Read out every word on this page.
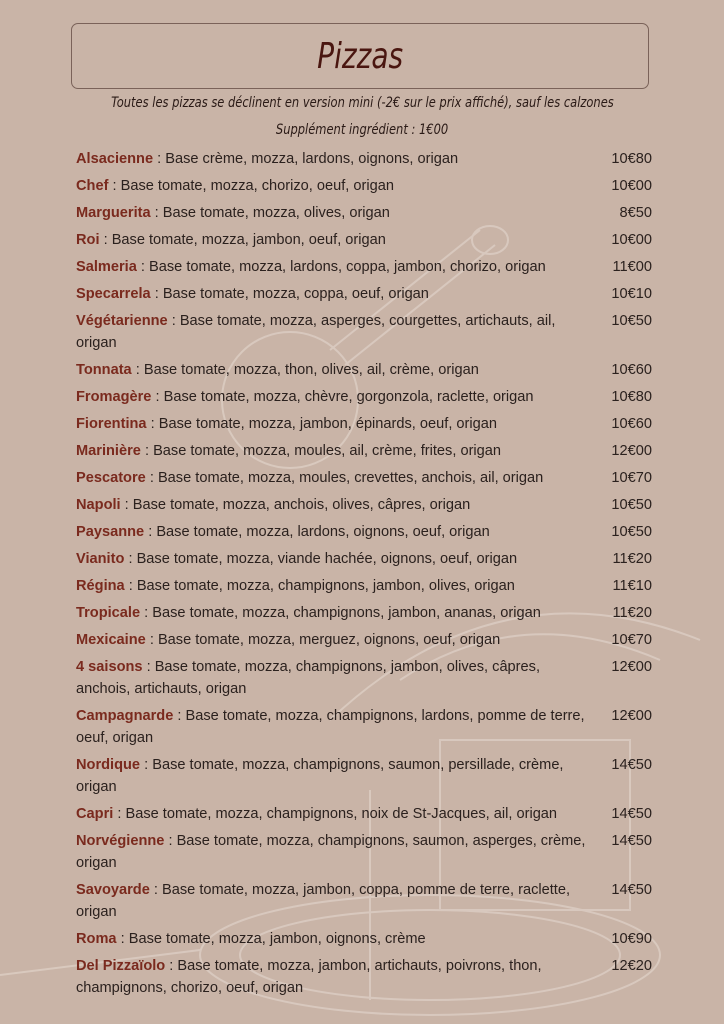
Pizzas
Toutes les pizzas se déclinent en version mini (-2€ sur le prix affiché), sauf les calzones
Supplément ingrédient : 1€00
Alsacienne : Base crème, mozza, lardons, oignons, origan	10€80
Chef : Base tomate, mozza, chorizo, oeuf, origan	10€00
Marguerita : Base tomate, mozza, olives, origan	8€50
Roi : Base tomate, mozza, jambon, oeuf, origan	10€00
Salmeria : Base tomate, mozza, lardons, coppa, jambon, chorizo, origan	11€00
Specarrela : Base tomate, mozza, coppa, oeuf, origan	10€10
Végétarienne : Base tomate, mozza, asperges, courgettes, artichauts, ail, origan
10€50
Tonnata : Base tomate, mozza, thon, olives, ail, crème, origan	10€60
Fromagère : Base tomate, mozza, chèvre, gorgonzola, raclette, origan	10€80
Fiorentina : Base tomate, mozza, jambon, épinards, oeuf, origan	10€60
Marinière : Base tomate, mozza, moules, ail, crème, frites, origan	12€00
Pescatore : Base tomate, mozza, moules, crevettes, anchois, ail, origan	10€70
Napoli : Base tomate, mozza, anchois, olives, câpres, origan	10€50
Paysanne : Base tomate, mozza, lardons, oignons, oeuf, origan	10€50
Vianito : Base tomate, mozza, viande hachée, oignons, oeuf, origan	11€20
Régina : Base tomate, mozza, champignons, jambon, olives, origan	11€10
Tropicale : Base tomate, mozza, champignons, jambon, ananas, origan	11€20
Mexicaine : Base tomate, mozza, merguez, oignons, oeuf, origan	10€70
4 saisons : Base tomate, mozza, champignons, jambon, olives, câpres, anchois, artichauts, origan
12€00
Campagnarde : Base tomate, mozza, champignons, lardons, pomme de terre, oeuf, origan
12€00
Nordique : Base tomate, mozza, champignons, saumon, persillade, crème, origan
14€50
Capri : Base tomate, mozza, champignons, noix de St-Jacques, ail, origan	14€50
Norvégienne : Base tomate, mozza, champignons, saumon, asperges, crème, origan
14€50
Savoyarde : Base tomate, mozza, jambon, coppa, pomme de terre, raclette, origan
14€50
Roma : Base tomate, mozza, jambon, oignons, crème	10€90
Del Pizzaïolo : Base tomate, mozza, jambon, artichauts, poivrons, thon, champignons, chorizo, oeuf, origan
12€20
